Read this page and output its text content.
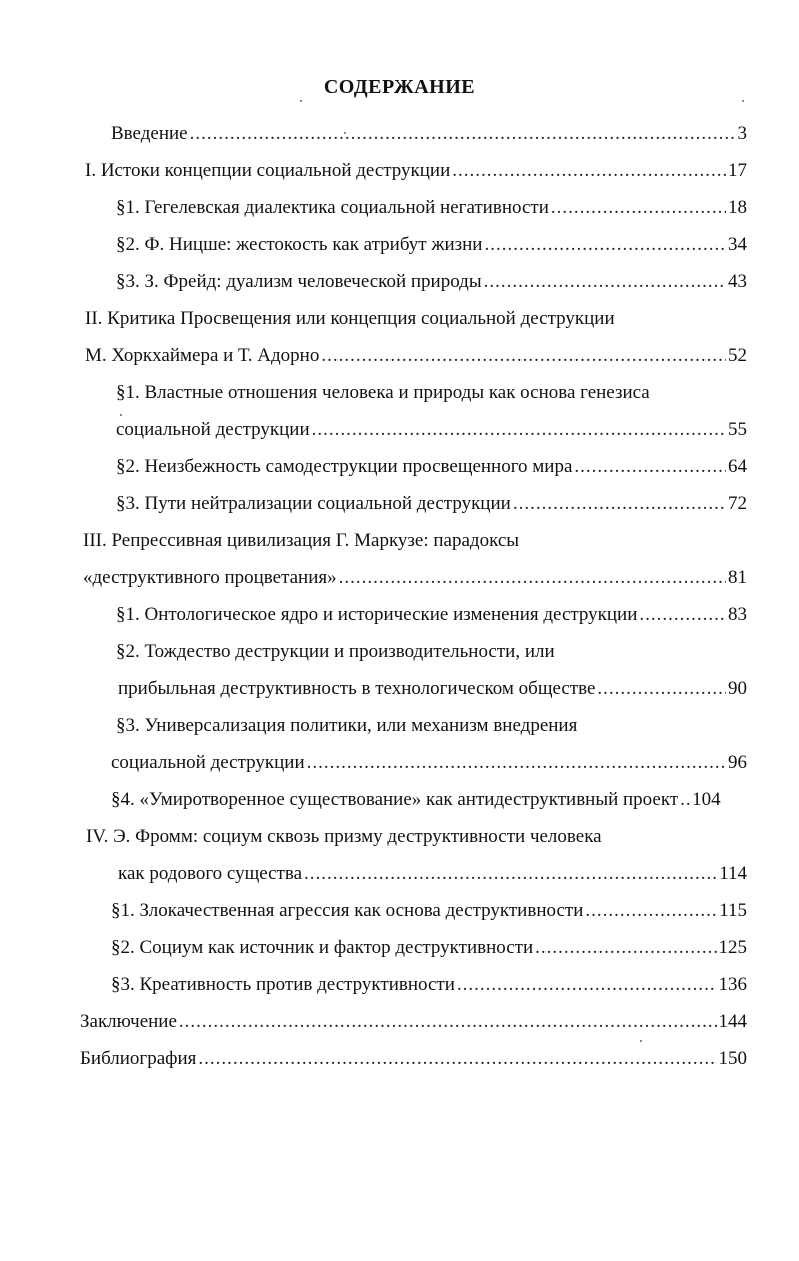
СОДЕРЖАНИЕ
Введение .....	3
I. Истоки концепции социальной деструкции .....	17
§1. Гегелевская диалектика социальной негативности .....	18
§2. Ф. Ницше: жестокость как атрибут жизни .....	34
§3. З. Фрейд: дуализм человеческой природы .....	43
II. Критика Просвещения или концепция социальной деструкции
М. Хоркхаймера и Т. Адорно .....	52
§1. Властные отношения человека и природы как основа генезиса
социальной деструкции .....	55
§2. Неизбежность самодеструкции просвещенного мира .....	64
§3. Пути нейтрализации социальной деструкции .....	72
III. Репрессивная цивилизация Г. Маркузе: парадоксы
«деструктивного процветания» .....	81
§1. Онтологическое ядро и исторические изменения деструкции .....	83
§2. Тождество деструкции и производительности, или
прибыльная деструктивность в технологическом обществе .....	90
§3. Универсализация политики, или механизм внедрения
социальной деструкции .....	96
§4. «Умиротворенное существование» как антидеструктивный проект ..... 104
IV. Э. Фромм: социум сквозь призму деструктивности человека
как родового существа .....	114
§1. Злокачественная агрессия как основа деструктивности .....	115
§2. Социум как источник и фактор деструктивности .....	125
§3. Креативность против деструктивности .....	136
Заключение .....	144
Библиография .....	150
